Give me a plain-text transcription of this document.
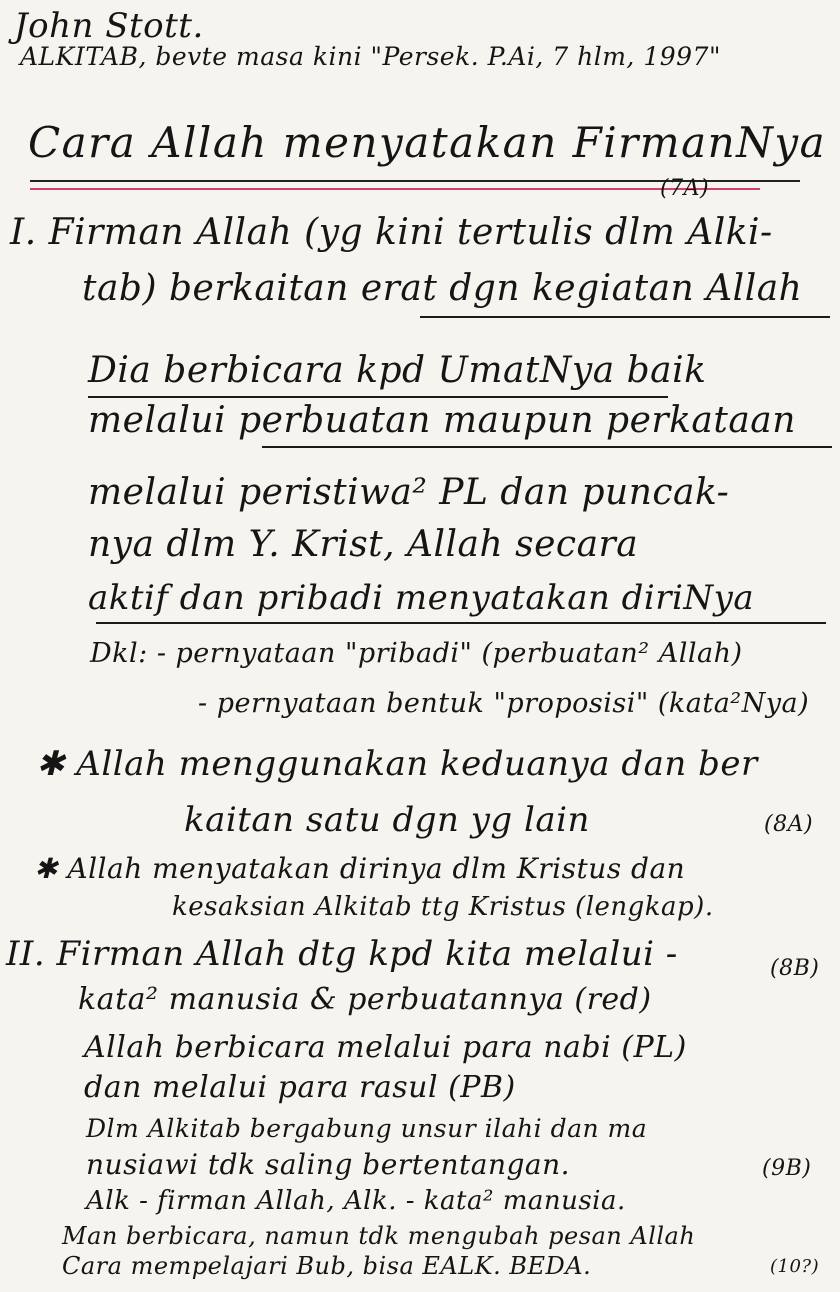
John Stott.
ALKITAB, bevte masa kini "Persek. P.Ai, 7 hlm, 1997"
Cara Allah menyatakan FirmanNya
(7A)
I. Firman Allah (yg kini tertulis dlm Alki-
tab) berkaitan erat dgn kegiatan Allah
Dia berbicara kpd UmatNya baik
melalui perbuatan maupun perkataan
melalui peristiwa² PL dan puncak-
nya dlm Y. Krist, Allah secara
aktif dan pribadi menyatakan diriNya
Dkl: - pernyataan "pribadi" (perbuatan² Allah)
- pernyataan bentuk "proposisi" (kata²Nya)
✱ Allah menggunakan keduanya dan ber
kaitan satu dgn yg lain	(8A)
✱ Allah menyatakan dirinya dlm Kristus dan
kesaksian Alkitab ttg Kristus (lengkap).
II. Firman Allah dtg kpd kita melalui -
kata² manusia & perbuatannya (red)
(8B)
Allah berbicara melalui para nabi (PL)
dan melalui para rasul (PB)
Dlm Alkitab bergabung unsur ilahi dan ma
nusiawi tdk saling bertentangan.	(9B)
Alk - firman Allah, Alk. - kata² manusia.
Man berbicara, namun tdk mengubah pesan Allah
Cara mempelajari Bub, bisa EALK. BEDA.	(10?)
